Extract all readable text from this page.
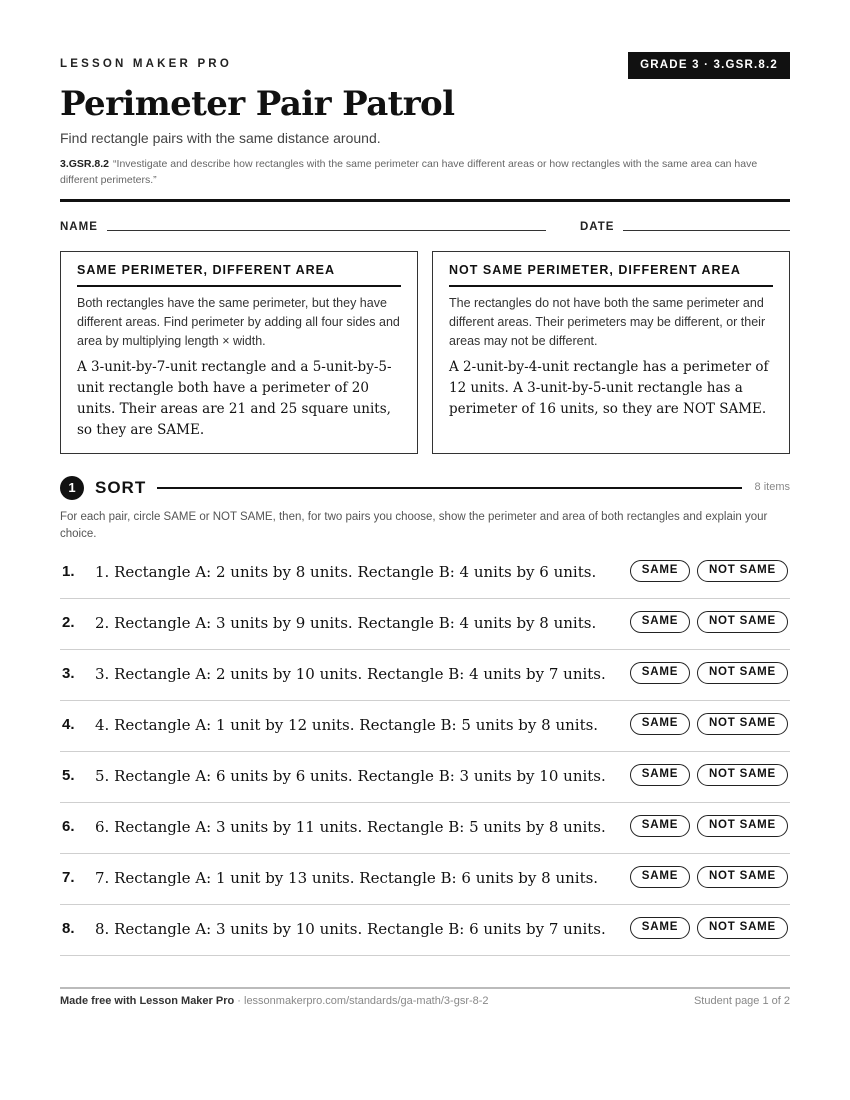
LESSON MAKER PRO	GRADE 3 · 3.GSR.8.2
Perimeter Pair Patrol
Find rectangle pairs with the same distance around.
3.GSR.8.2 “Investigate and describe how rectangles with the same perimeter can have different areas or how rectangles with the same area can have different perimeters.”
NAME	DATE
SAME PERIMETER, DIFFERENT AREA
Both rectangles have the same perimeter, but they have different areas. Find perimeter by adding all four sides and area by multiplying length × width.
A 3-unit-by-7-unit rectangle and a 5-unit-by-5-unit rectangle both have a perimeter of 20 units. Their areas are 21 and 25 square units, so they are SAME.
NOT SAME PERIMETER, DIFFERENT AREA
The rectangles do not have both the same perimeter and different areas. Their perimeters may be different, or their areas may not be different.
A 2-unit-by-4-unit rectangle has a perimeter of 12 units. A 3-unit-by-5-unit rectangle has a perimeter of 16 units, so they are NOT SAME.
1	SORT	8 items
For each pair, circle SAME or NOT SAME, then, for two pairs you choose, show the perimeter and area of both rectangles and explain your choice.
1. 1. Rectangle A: 2 units by 8 units. Rectangle B: 4 units by 6 units.	SAME	NOT SAME
2. 2. Rectangle A: 3 units by 9 units. Rectangle B: 4 units by 8 units.	SAME	NOT SAME
3. 3. Rectangle A: 2 units by 10 units. Rectangle B: 4 units by 7 units.	SAME	NOT SAME
4. 4. Rectangle A: 1 unit by 12 units. Rectangle B: 5 units by 8 units.	SAME	NOT SAME
5. 5. Rectangle A: 6 units by 6 units. Rectangle B: 3 units by 10 units.	SAME	NOT SAME
6. 6. Rectangle A: 3 units by 11 units. Rectangle B: 5 units by 8 units.	SAME	NOT SAME
7. 7. Rectangle A: 1 unit by 13 units. Rectangle B: 6 units by 8 units.	SAME	NOT SAME
8. 8. Rectangle A: 3 units by 10 units. Rectangle B: 6 units by 7 units.	SAME	NOT SAME
Made free with Lesson Maker Pro · lessonmakerpro.com/standards/ga-math/3-gsr-8-2	Student page 1 of 2
